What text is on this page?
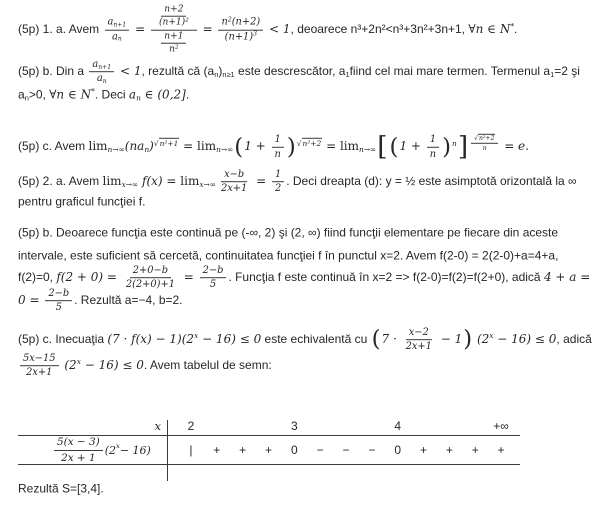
(5p) 1. a. Avem $\frac{a_{n+1}}{a_n} = \frac{\frac{n+2}{(n+1)^2}}{\frac{n+1}{n^2}} = \frac{n^2(n+2)}{(n+1)^3} < 1$, deoarece n³+2n²<n³+3n²+3n+1, ∀n ∈ N*.
(5p) b. Din a $\frac{a_{n+1}}{a_n} < 1$, rezultă că $(a_n)_{n\ge 1}$ este descrescător, $a_1fiind$ cel mai mare termen. Termenul $a_1=2$ şi
$a_n>0$, ∀n ∈ N*. Deci $a_n$ ∈ (0,2].
(5p) c. Avem $\lim_{n\to\infty}(na_n)^{√n^2+1} = \lim_{n\to\infty}(1 + \frac{1}{n} )^{√n^2+2} = \lim_{n\to\infty}[(1 + \frac{1}{n} )^n] ^{\frac{\text{√n²+2}}{n}} = e$.
(5p) 2. a. Avem $\lim_{x\to\infty} f(x) = \lim_{x\to\infty} \frac{x-b}{2x+1} = \frac{1}{2}$ . Deci dreapta (d): y = ½ este asimptotă orizontală la ∞
pentru graficul funcţiei f.
(5p) b. Deoarece funcţia este continuă pe (-∞, 2) şi (2, ∞) fiind funcţii elementare pe fiecare din aceste
intervale, este suficient să cercetă, continuitatea funcţiei f în punctul x=2. Avem f(2-0) = 2(2-0)+a=4+a,
f(2)=0, $f(2 + 0) = \frac{2+0-b}{2(2+0)+1} = \frac{2-b}{5}$ . Funcţia f este continuă în x=2 => f(2-0)=f(2)=f(2+0), adică 4 + a =
$0 = \frac{2-b}{5}$ . Rezultă a=−4, b=2.
(5p) c. Inecuaţia $(7 \cdot f(x) - 1)(2^x - 16) \le 0$ este echivalentă cu $(7 \cdot \frac{x-2}{2x+1} - 1)$ $(2^x - 16) \le 0$, adică
$\frac{5x-15}{2x+1} (2^x - 16) \le 0$. Avem tabelul de semn:
x	2	3	4	+∞
$\frac{5(x - 3)}{2x + 1} (2$ $^x$ − 16)	|	+	+	+	0	−	−	−	0	+	+	+	+
Rezultă S=[3,4].
